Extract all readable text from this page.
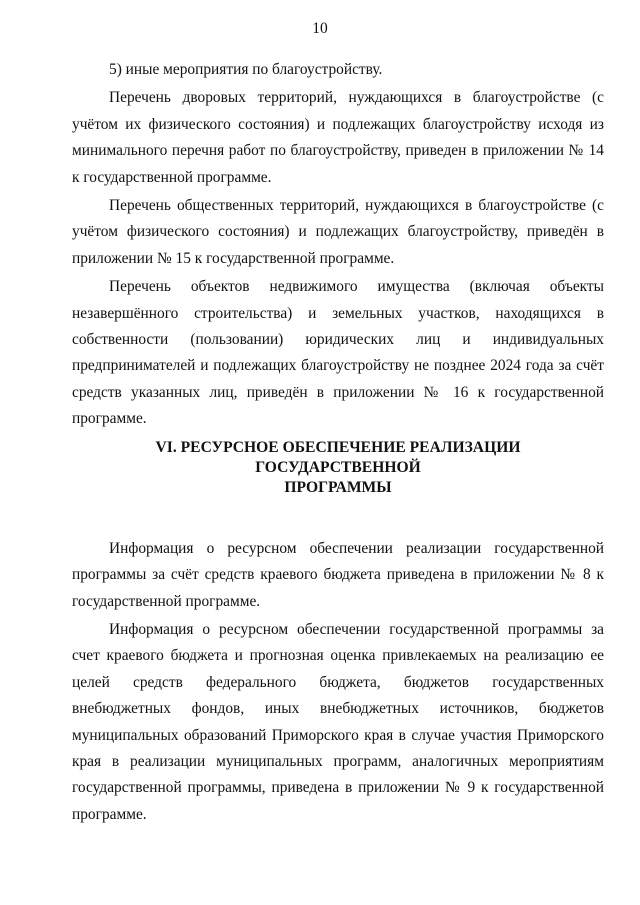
10

5) иные мероприятия по благоустройству.

Перечень дворовых территорий, нуждающихся в благоустройстве (с учётом их физического состояния) и подлежащих благоустройству исходя из минимального перечня работ по благоустройству, приведен в приложении № 14 к государственной программе.

Перечень общественных территорий, нуждающихся в благоустройстве (с учётом физического состояния) и подлежащих благоустройству, приведён в приложении № 15 к государственной программе.

Перечень объектов недвижимого имущества (включая объекты незавершённого строительства) и земельных участков, находящихся в собственности (пользовании) юридических лиц и индивидуальных предпринимателей и подлежащих благоустройству не позднее 2024 года за счёт средств указанных лиц, приведён в приложении № 16 к государственной программе.

VI. РЕСУРСНОЕ ОБЕСПЕЧЕНИЕ РЕАЛИЗАЦИИ ГОСУДАРСТВЕННОЙ
ПРОГРАММЫ

Информация о ресурсном обеспечении реализации государственной программы за счёт средств краевого бюджета приведена в приложении № 8 к государственной программе.

Информация о ресурсном обеспечении государственной программы за счет краевого бюджета и прогнозная оценка привлекаемых на реализацию ее целей средств федерального бюджета, бюджетов государственных внебюджетных фондов, иных внебюджетных источников, бюджетов муниципальных образований Приморского края в случае участия Приморского края в реализации муниципальных программ, аналогичных мероприятиям государственной программы, приведена в приложении № 9 к государственной программе.
